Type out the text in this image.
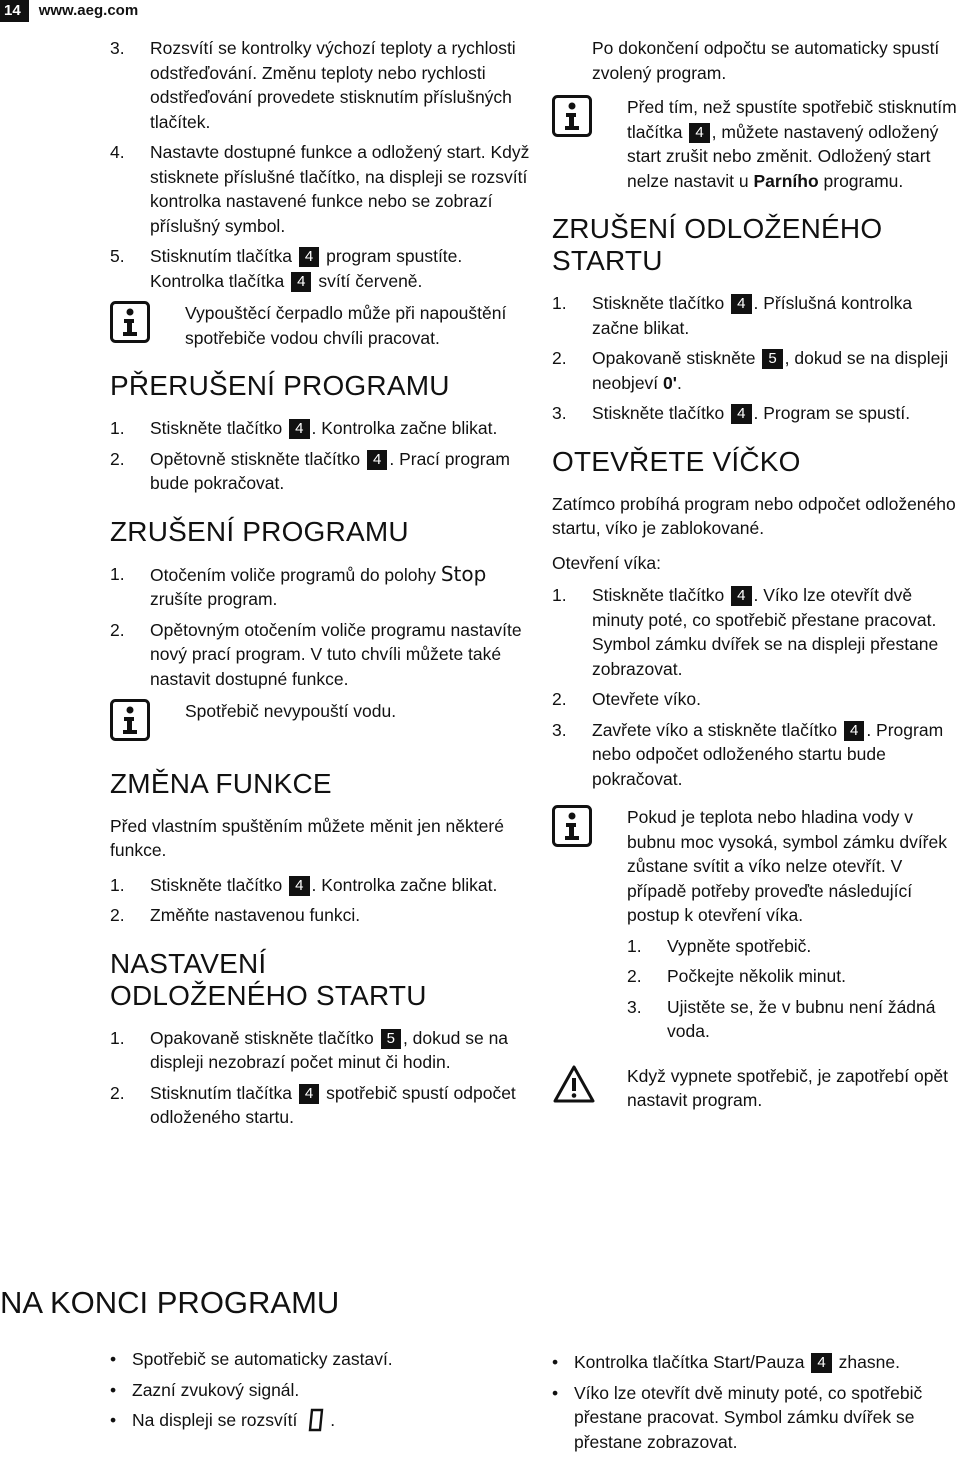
14	www.aeg.com
3.	Rozsvítí se kontrolky výchozí teploty a rychlosti odstřeďování. Změnu teploty nebo rychlosti odstřeďování provedete stisknutím příslušných tlačítek.
4.	Nastavte dostupné funkce a odložený start. Když stisknete příslušné tlačítko, na displeji se rozsvítí kontrolka nastavené funkce nebo se zobrazí příslušný symbol.
5.	Stisknutím tlačítka 4 program spustíte. Kontrolka tlačítka 4 svítí červeně.
Vypouštěcí čerpadlo může při napouštění spotřebiče vodou chvíli pracovat.
PŘERUŠENÍ PROGRAMU
1.	Stiskněte tlačítko 4 . Kontrolka začne blikat.
2.	Opětovně stiskněte tlačítko 4 . Prací program bude pokračovat.
ZRUŠENÍ PROGRAMU
1.	Otočením voliče programů do polohy Stop zrušíte program.
2.	Opětovným otočením voliče programu nastavíte nový prací program. V tuto chvíli můžete také nastavit dostupné funkce.
Spotřebič nevypouští vodu.
ZMĚNA FUNKCE
Před vlastním spuštěním můžete měnit jen některé funkce.
1.	Stiskněte tlačítko 4 . Kontrolka začne blikat.
2.	Změňte nastavenou funkci.
NASTAVENÍ ODLOŽENÉHO STARTU
1.	Opakovaně stiskněte tlačítko 5 , dokud se na displeji nezobrazí počet minut či hodin.
2.	Stisknutím tlačítka 4 spotřebič spustí odpočet odloženého startu.
Po dokončení odpočtu se automaticky spustí zvolený program.
Před tím, než spustíte spotřebič stisknutím tlačítka 4 , můžete nastavený odložený start zrušit nebo změnit. Odložený start nelze nastavit u Parního programu.
ZRUŠENÍ ODLOŽENÉHO STARTU
1.	Stiskněte tlačítko 4 . Příslušná kontrolka začne blikat.
2.	Opakovaně stiskněte 5 , dokud se na displeji neobjeví 0'.
3.	Stiskněte tlačítko 4 . Program se spustí.
OTEVŘETE VÍČKO
Zatímco probíhá program nebo odpočet odloženého startu, víko je zablokované.
Otevření víka:
1.	Stiskněte tlačítko 4 . Víko lze otevřít dvě minuty poté, co spotřebič přestane pracovat. Symbol zámku dvířek se na displeji přestane zobrazovat.
2.	Otevřete víko.
3.	Zavřete víko a stiskněte tlačítko 4 . Program nebo odpočet odloženého startu bude pokračovat.
Pokud je teplota nebo hladina vody v bubnu moc vysoká, symbol zámku dvířek zůstane svítit a víko nelze otevřít. V případě potřeby proveďte následující postup k otevření víka.
1.	Vypněte spotřebič.
2.	Počkejte několik minut.
3.	Ujistěte se, že v bubnu není žádná voda.
Když vypnete spotřebič, je zapotřebí opět nastavit program.
NA KONCI PROGRAMU
• Spotřebič se automaticky zastaví.
• Zazní zvukový signál.
• Na displeji se rozsvítí .
• Kontrolka tlačítka Start/Pauza 4 zhasne.
• Víko lze otevřít dvě minuty poté, co spotřebič přestane pracovat. Symbol zámku dvířek se přestane zobrazovat.
